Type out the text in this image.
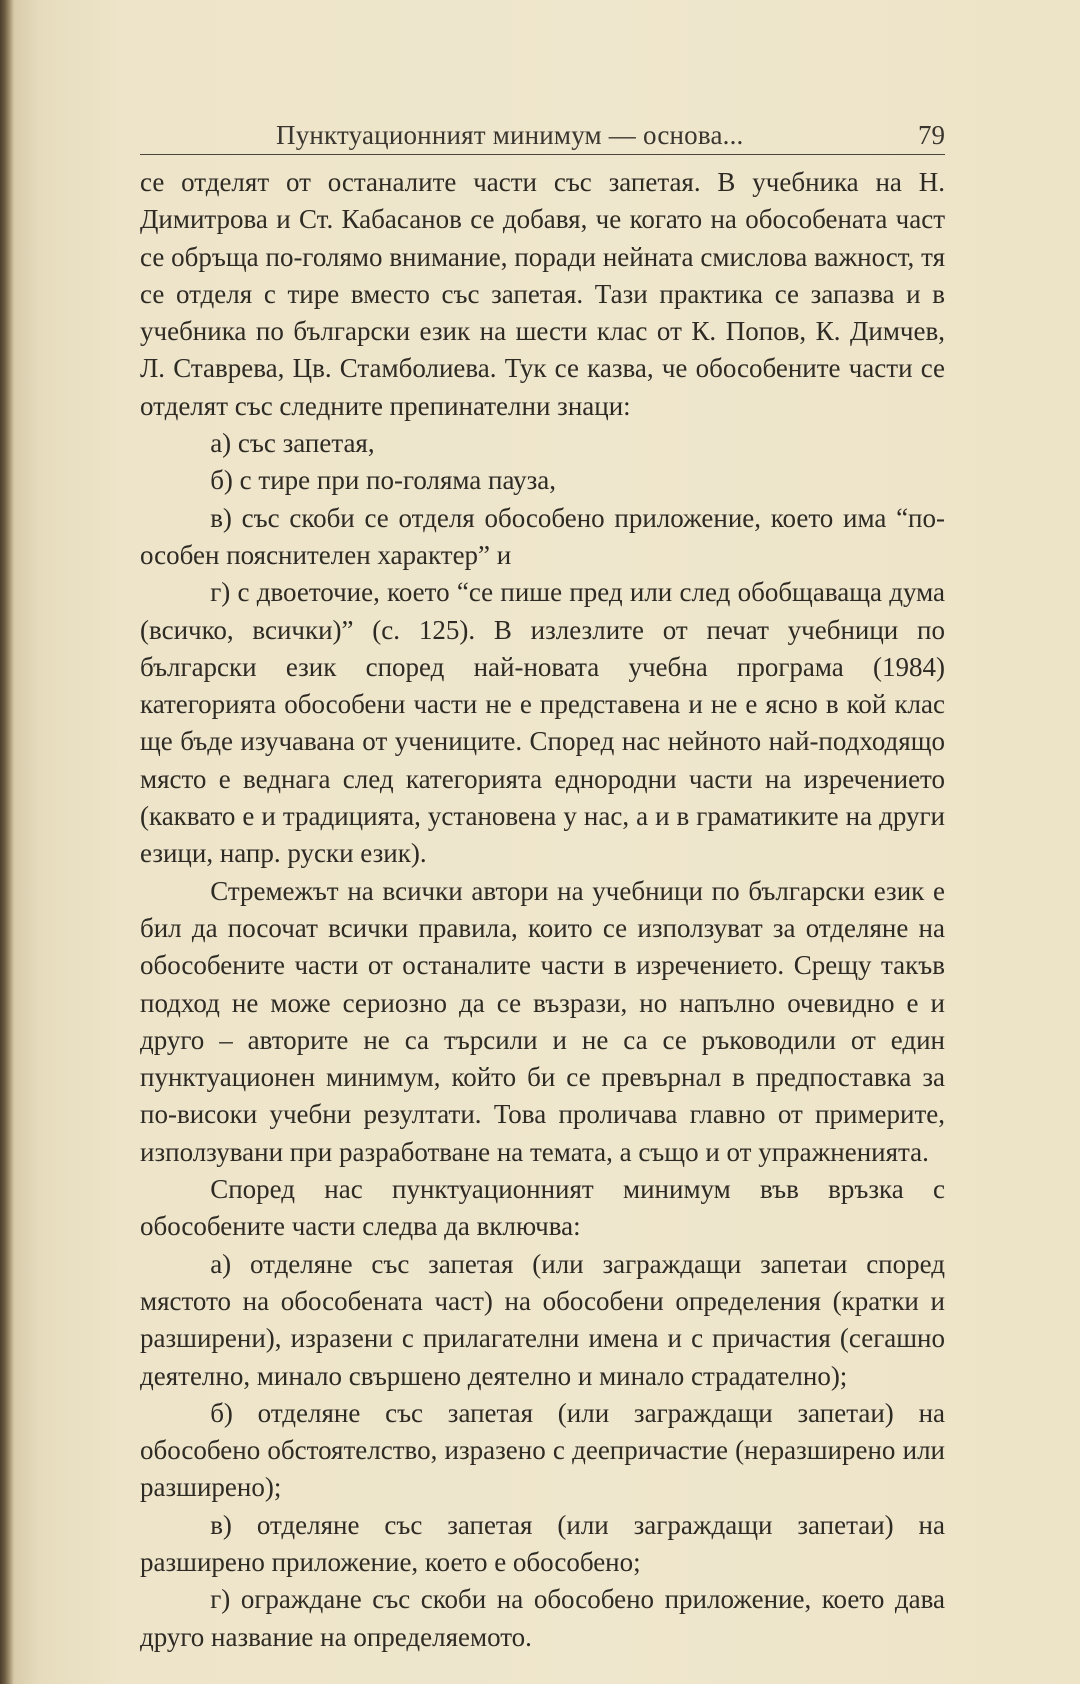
Пунктуационният минимум — основа...	79

се отделят от останалите части със запетая. В учебника на Н. Димитрова и Ст. Кабасанов се добавя, че когато на обособената част се обръща по-голямо внимание, поради нейната смислова важност, тя се отделя с тире вместо със запетая. Тази практика се запазва и в учебника по български език на шести клас от К. Попов, К. Димчев, Л. Ставрева, Цв. Стамболиева. Тук се казва, че обособените части се отделят със следните препинателни знаци:

а) със запетая,

б) с тире при по-голяма пауза,

в) със скоби се отделя обособено приложение, което има “по-особен пояснителен характер” и

г) с двоеточие, което “се пише пред или след обобщаваща дума (всичко, всички)” (с. 125). В излезлите от печат учебници по български език според най-новата учебна програма (1984) категорията обособени части не е представена и не е ясно в кой клас ще бъде изучавана от учениците. Според нас нейното най-подходящо място е веднага след категорията еднородни части на изречението (каквато е и традицията, установена у нас, а и в граматиките на други езици, напр. руски език).

Стремежът на всички автори на учебници по български език е бил да посочат всички правила, които се използуват за отделяне на обособените части от останалите части в изречението. Срещу такъв подход не може сериозно да се възрази, но напълно очевидно е и друго – авторите не са търсили и не са се ръководили от един пунктуационен минимум, който би се превърнал в предпоставка за по-високи учебни резултати. Това проличава главно от примерите, използувани при разработване на темата, а също и от упражненията.

Според нас пунктуационният минимум във връзка с обособените части следва да включва:

а) отделяне със запетая (или заграждащи запетаи според мястото на обособената част) на обособени определения (кратки и разширени), изразени с прилагателни имена и с причастия (сегашно деятелно, минало свършено деятелно и минало страдателно);

б) отделяне със запетая (или заграждащи запетаи) на обособено обстоятелство, изразено с деепричастие (неразширено или разширено);

в) отделяне със запетая (или заграждащи запетаи) на разширено приложение, което е обособено;

г) ограждане със скоби на обособено приложение, което дава друго название на определяемото.
